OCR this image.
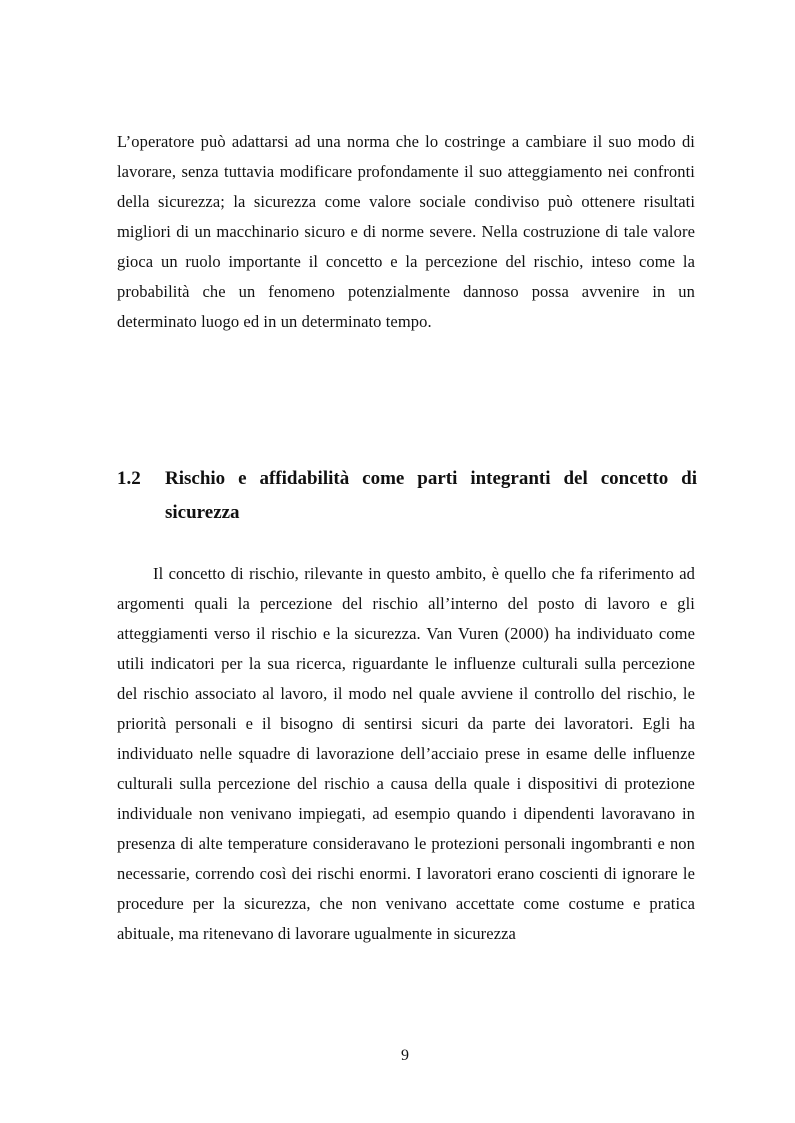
L’operatore può adattarsi ad una norma che lo costringe a cambiare il suo modo di lavorare, senza tuttavia modificare profondamente il suo atteggiamento nei confronti della sicurezza; la sicurezza come valore sociale condiviso può ottenere risultati migliori di un macchinario sicuro e di norme severe. Nella costruzione di tale valore gioca un ruolo importante il concetto e la percezione del rischio, inteso come la probabilità che un fenomeno potenzialmente dannoso possa avvenire in un determinato luogo ed in un determinato tempo.

1.2 Rischio e affidabilità come parti integranti del concetto di sicurezza

Il concetto di rischio, rilevante in questo ambito, è quello che fa riferimento ad argomenti quali la percezione del rischio all’interno del posto di lavoro e gli atteggiamenti verso il rischio e la sicurezza. Van Vuren (2000) ha individuato come utili indicatori per la sua ricerca, riguardante le influenze culturali sulla percezione del rischio associato al lavoro, il modo nel quale avviene il controllo del rischio, le priorità personali e il bisogno di sentirsi sicuri da parte dei lavoratori. Egli ha individuato nelle squadre di lavorazione dell’acciaio prese in esame delle influenze culturali sulla percezione del rischio a causa della quale i dispositivi di protezione individuale non venivano impiegati, ad esempio quando i dipendenti lavoravano in presenza di alte temperature consideravano le protezioni personali ingombranti e non necessarie, correndo così dei rischi enormi. I lavoratori erano coscienti di ignorare le procedure per la sicurezza, che non venivano accettate come costume e pratica abituale, ma ritenevano di lavorare ugualmente in sicurezza

9
